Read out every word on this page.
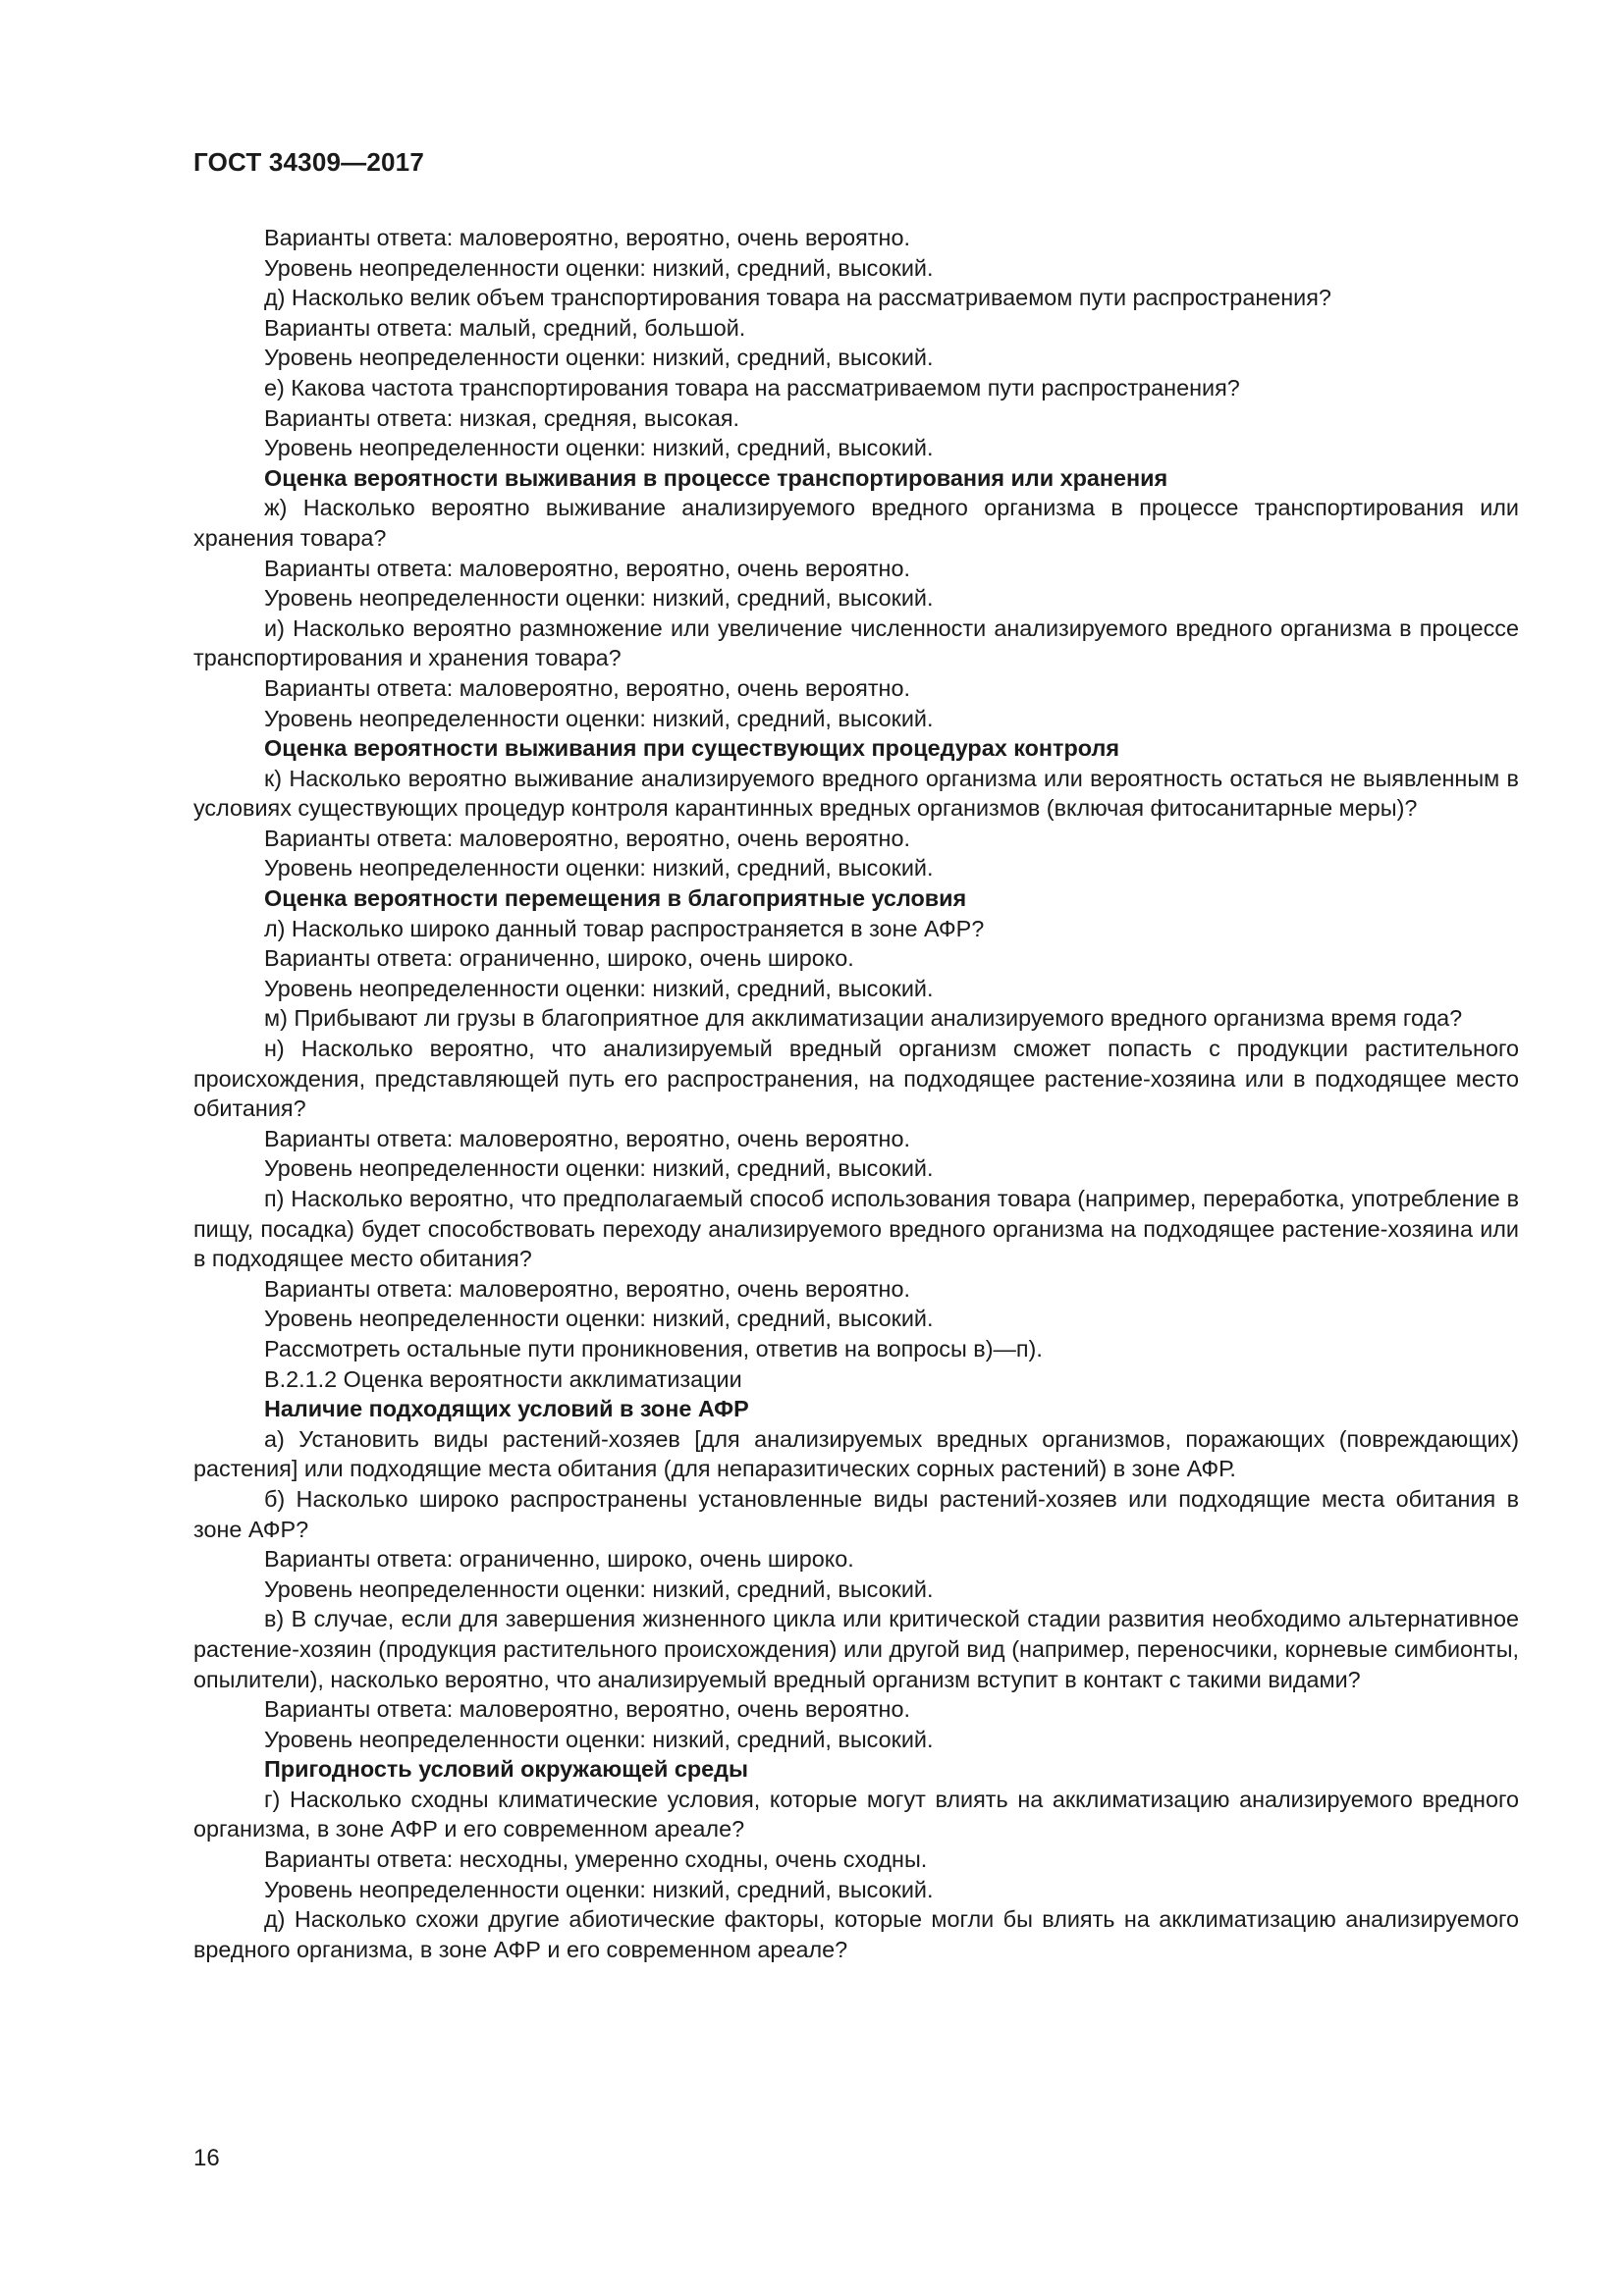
ГОСТ 34309—2017

Варианты ответа: маловероятно, вероятно, очень вероятно.

Уровень неопределенности оценки: низкий, средний, высокий.

д) Насколько велик объем транспортирования товара на рассматриваемом пути распространения?

Варианты ответа: малый, средний, большой.

Уровень неопределенности оценки: низкий, средний, высокий.

е) Какова частота транспортирования товара на рассматриваемом пути распространения?

Варианты ответа: низкая, средняя, высокая.

Уровень неопределенности оценки: низкий, средний, высокий.

Оценка вероятности выживания в процессе транспортирования или хранения

ж) Насколько вероятно выживание анализируемого вредного организма в процессе транспортирования или хранения товара?

Варианты ответа: маловероятно, вероятно, очень вероятно.

Уровень неопределенности оценки: низкий, средний, высокий.

и) Насколько вероятно размножение или увеличение численности анализируемого вредного организма в процессе транспортирования и хранения товара?

Варианты ответа: маловероятно, вероятно, очень вероятно.

Уровень неопределенности оценки: низкий, средний, высокий.

Оценка вероятности выживания при существующих процедурах контроля

к) Насколько вероятно выживание анализируемого вредного организма или вероятность остаться не выявленным в условиях существующих процедур контроля карантинных вредных организмов (включая фитосанитарные меры)?

Варианты ответа: маловероятно, вероятно, очень вероятно.

Уровень неопределенности оценки: низкий, средний, высокий.

Оценка вероятности перемещения в благоприятные условия

л) Насколько широко данный товар распространяется в зоне АФР?

Варианты ответа: ограниченно, широко, очень широко.

Уровень неопределенности оценки: низкий, средний, высокий.

м) Прибывают ли грузы в благоприятное для акклиматизации анализируемого вредного организма время года?

н) Насколько вероятно, что анализируемый вредный организм сможет попасть с продукции растительного происхождения, представляющей путь его распространения, на подходящее растение-хозяина или в подходящее место обитания?

Варианты ответа: маловероятно, вероятно, очень вероятно.

Уровень неопределенности оценки: низкий, средний, высокий.

п) Насколько вероятно, что предполагаемый способ использования товара (например, переработка, употребление в пищу, посадка) будет способствовать переходу анализируемого вредного организма на подходящее растение-хозяина или в подходящее место обитания?

Варианты ответа: маловероятно, вероятно, очень вероятно.

Уровень неопределенности оценки: низкий, средний, высокий.

Рассмотреть остальные пути проникновения, ответив на вопросы в)—п).

В.2.1.2 Оценка вероятности акклиматизации

Наличие подходящих условий в зоне АФР

а) Установить виды растений-хозяев [для анализируемых вредных организмов, поражающих (повреждающих) растения] или подходящие места обитания (для непаразитических сорных растений) в зоне АФР.

б) Насколько широко распространены установленные виды растений-хозяев или подходящие места обитания в зоне АФР?

Варианты ответа: ограниченно, широко, очень широко.

Уровень неопределенности оценки: низкий, средний, высокий.

в) В случае, если для завершения жизненного цикла или критической стадии развития необходимо альтернативное растение-хозяин (продукция растительного происхождения) или другой вид (например, переносчики, корневые симбионты, опылители), насколько вероятно, что анализируемый вредный организм вступит в контакт с такими видами?

Варианты ответа: маловероятно, вероятно, очень вероятно.

Уровень неопределенности оценки: низкий, средний, высокий.

Пригодность условий окружающей среды

г) Насколько сходны климатические условия, которые могут влиять на акклиматизацию анализируемого вредного организма, в зоне АФР и его современном ареале?

Варианты ответа: несходны, умеренно сходны, очень сходны.

Уровень неопределенности оценки: низкий, средний, высокий.

д) Насколько схожи другие абиотические факторы, которые могли бы влиять на акклиматизацию анализируемого вредного организма, в зоне АФР и его современном ареале?

16
